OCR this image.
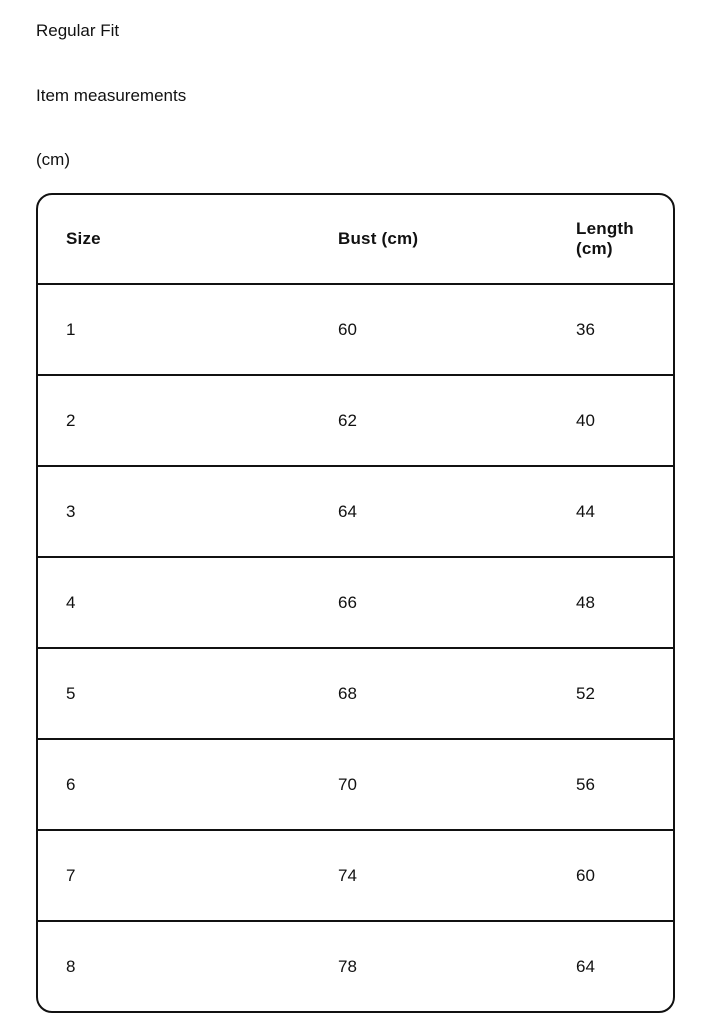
Regular Fit
Item measurements
(cm)
Size	Bust (cm)	Length (cm)
1	60	36
2	62	40
3	64	44
4	66	48
5	68	52
6	70	56
7	74	60
8	78	64
